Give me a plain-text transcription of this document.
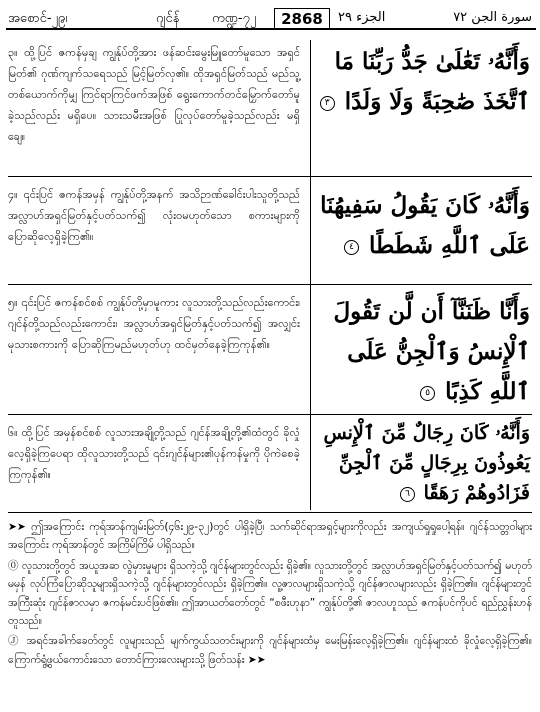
အစောင်-၂၉၊	ဂျင်န်	ကဏ္ဍ-၇၂	2868	الجزء ٢٩	سورة الجن ٧٢
၃။ ထို့ပြင် ဇကန်မှချ ကျွန်ုပ်တို့အား ဖန်ဆင်းမွေးမြူတော်မူသော အရှင်မြတ်၏ ဂုဏ်ကျက်သရေသည် မြင့်မြတ်လှ၏။ ထိုအရှင်မြတ်သည် မည်သူ့တစ်ယောက်ကိုမျှ ကြင်ရာကြင်ဖက်အဖြစ် ရွေးကောက်တင်မြှောက်တော်မူခဲ့သည်လည်း မရှိပေ။ သားသမီးအဖြစ် ပြုလုပ်တော်မူခဲ့သည်လည်း မရှိချေ။
وَأَنَّهُۥ تَعَٰلَىٰ جَدُّ رَبِّنَا مَا ٱتَّخَذَ صَٰحِبَةً وَلَا وَلَدًا ٣
၄။ ၎င်းပြင် ဇကန်အမှန် ကျွန်ုပ်တို့အနက် အသိဉာဏ်ခေါင်းပါးသူတို့သည် အလ္လာဟ်အရှင်မြတ်နှင့်ပတ်သက်၍ လုံးဝမဟုတ်သော စကားများကို ပြောဆိုလေ့ရှိခဲ့ကြ၏။
وَأَنَّهُۥ كَانَ يَقُولُ سَفِيهُنَا عَلَى ٱللَّهِ شَطَطًا ٤
၅။ ၎င်းပြင် ဇကန်စင်စစ် ကျွန်ုပ်တို့မှာမူကား လူသားတို့သည်လည်းကောင်း၊ ဂျင်န်တို့သည်လည်းကောင်း၊ အလ္လာဟ်အရှင်မြတ်နှင့်ပတ်သက်၍ အလျှင်းမုသားစကားကို ပြောဆိုကြမည်မဟုတ်ဟု ထင်မှတ်နေခဲ့ကြကုန်၏။
وَأَنَّا ظَنَنَّآ أَن لَّن تَقُولَ ٱلْإِنسُ وَٱلْجِنُّ عَلَى ٱللَّهِ كَذِبًا ٥
၆။ ထို့ပြင် အမှန်စင်စစ် လူသားအချို့တို့သည် ဂျင်န်အချို့တို့၏ထံတွင် ခိုလှုံလေ့ရှိခဲ့ကြပေရာ ထိုလူသားတို့သည် ၎င်းဂျင်န်များ၏ပုန်ကန်မှုကို ပိုကဲစေခဲ့ကြကုန်၏။
وَأَنَّهُۥ كَانَ رِجَالٌ مِّنَ ٱلْإِنسِ يَعُوذُونَ بِرِجَالٍ مِّنَ ٱلْجِنِّ فَزَادُوهُمْ رَهَقًا ٦

➤➤ ဤအကြောင်း ကုရ်အာန်ကျမ်းမြတ်(၄၆း၂၉-၃၂)တွင် ပါရှိခဲ့ပြီ၊ သက်ဆိုင်ရာအရှင့်များကိုလည်း အကျယ်ရှုရှုပေါ့ရန်။ ဂျင်န်သတ္တဝါများအကြောင်း ကုရ်အာန်တွင် အကြိမ်ကြိမ် ပါရှိသည်။

⓪ လူသားတို့တွင် အယူအဆ လွဲမှားမှုများ ရှိသကဲ့သို့ ဂျင်န်များတွင်လည်း ရှိခဲ့၏။ လူသားတို့တွင် အလ္လာဟ်အရှင်မြတ်နှင့်ပတ်သက်၍ မဟုတ်မမှန် လုပ်ကြံပြောဆိုသူများရှိသကဲ့သို့ ဂျင်န်များတွင်လည်း ရှိခဲ့ကြ၏။ လူ့ဇာလများရှိသကဲ့သို့ ဂျင်န်ဇာလများလည်း ရှိခဲ့ကြ၏။ ဂျင်န်များတွင် အကြီးဆုံး ဂျင်န်ဇာလမှာ ဇကန်မင်းပင်ဖြစ်၏။ ဤအာယတ်တော်တွင် “စဖီးဟုနာ” ကျွန်ုပ်တို့၏ ဇာလဟူသည် ဇကန်ပင်ကိုပင် ရည်ညွှန်းဟန် တူသည်။

Ⓙ အရင်အခါက်ခေတ်တွင် လူများသည် မျက်ကွယ်သတင်းများကို ဂျင်န်များထံမှ မေးမြန်းလေ့ရှိခဲ့ကြ၏။ ဂျင်န်များထံ ခိုလှုံလေ့ရှိခဲ့ကြ၏။ ကြောက်ရွံ့ဖွယ်ကောင်းသော တောင်ကြားလေးများသို့ ဖြတ်သန်း ➤➤
